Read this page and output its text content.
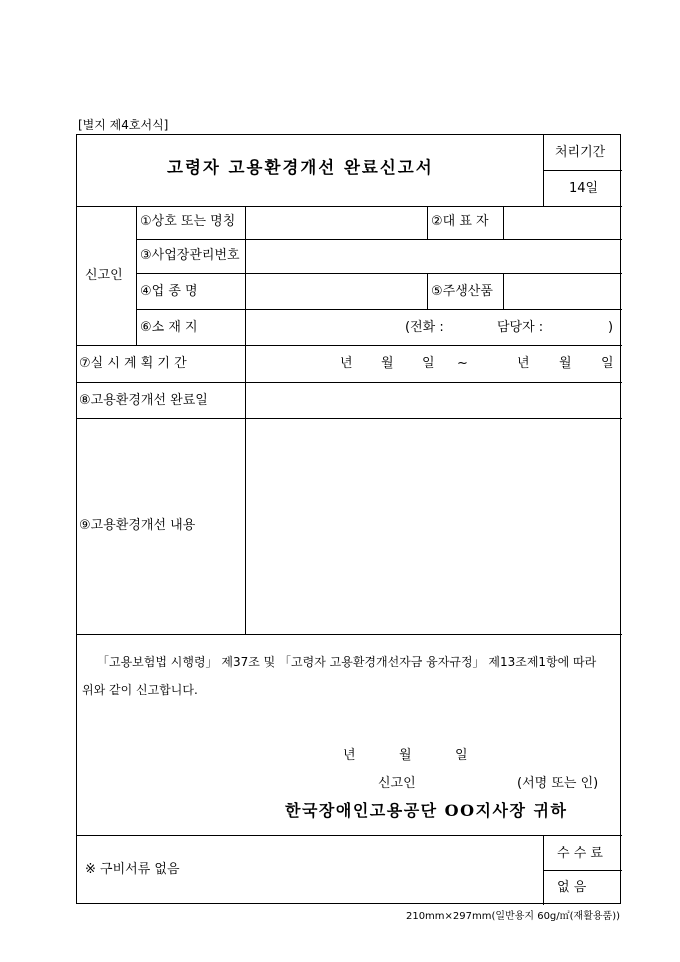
[별지 제4호서식]
고령자 고용환경개선 완료신고서
처리기간
14일
신고인
①상호 또는 명칭	②대 표 자
③사업장관리번호
④업 종 명	⑤주생산품
⑥소 재 지	(전화 :	담당자 :	)
⑦실 시 계 획 기 간	년 월 일 ~	년 월 일
⑧고용환경개선 완료일
⑨고용환경개선 내용
「고용보험법 시행령」 제37조 및 「고령자 고용환경개선자금 융자규정」 제13조제1항에 따라
위와 같이 신고합니다.
년	월	일
신고인	(서명 또는 인)
한국장애인고용공단 OO지사장 귀하
※ 구비서류 없음
수 수 료
없 음
210mm×297mm(일반용지 60g/㎡(재활용품))
